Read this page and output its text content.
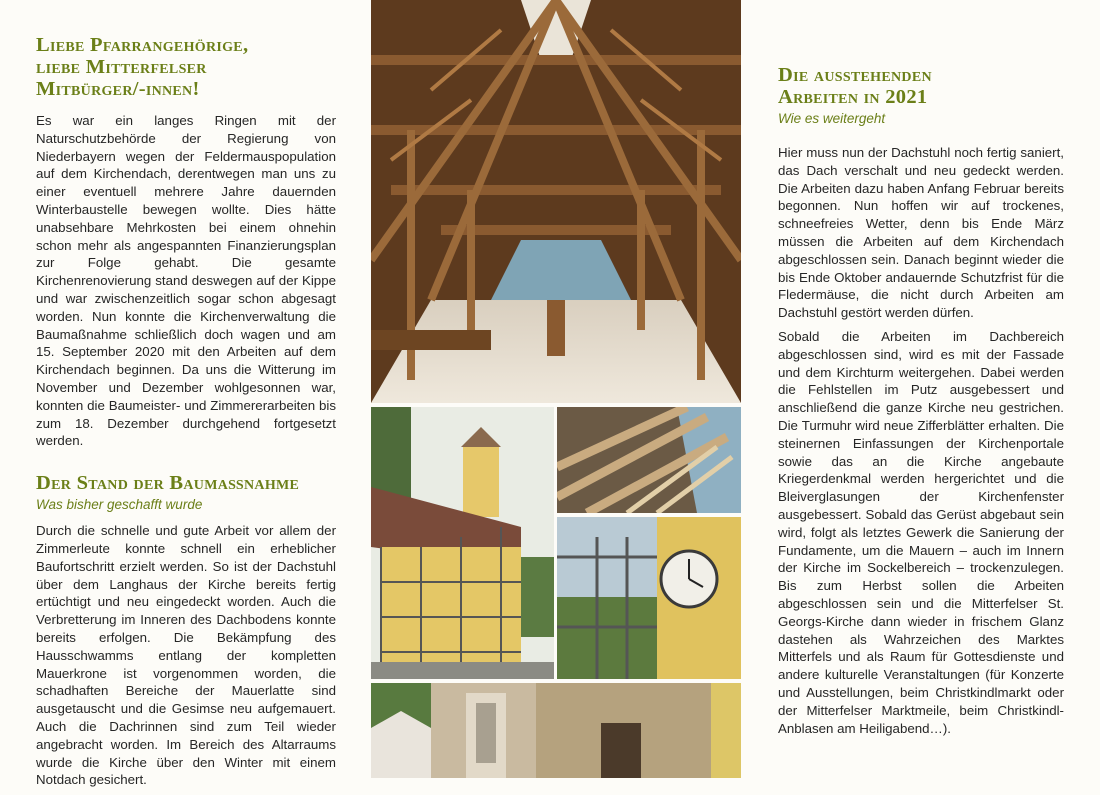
Liebe Pfarrangehörige,
liebe Mitterfelser
Mitbürger/-innen!

Es war ein langes Ringen mit der Naturschutzbehörde der Regierung von Niederbayern wegen der Feldermauspopulation auf dem Kirchendach, derentwegen man uns zu einer eventuell mehrere Jahre dauernden Winterbaustelle bewegen wollte. Dies hätte unabsehbare Mehrkosten bei einem ohnehin schon mehr als angespannten Finanzierungsplan zur Folge gehabt. Die gesamte Kirchenrenovierung stand deswegen auf der Kippe und war zwischenzeitlich sogar schon abgesagt worden. Nun konnte die Kirchenverwaltung die Baumaßnahme schließlich doch wagen und am 15. September 2020 mit den Arbeiten auf dem Kirchendach beginnen. Da uns die Witterung im November und Dezember wohlgesonnen war, konnten die Baumeister- und Zimmererarbeiten bis zum 18. Dezember durchgehend fortgesetzt werden.

Der Stand der Baumaßnahme
Was bisher geschafft wurde

Durch die schnelle und gute Arbeit vor allem der Zimmerleute konnte schnell ein erheblicher Baufortschritt erzielt werden. So ist der Dachstuhl über dem Langhaus der Kirche bereits fertig ertüchtigt und neu eingedeckt worden. Auch die Verbretterung im Inneren des Dachbodens konnte bereits erfolgen. Die Bekämpfung des Hausschwamms entlang der kompletten Mauerkrone ist vorgenommen worden, die schadhaften Bereiche der Mauerlatte sind ausgetauscht und die Gesimse neu aufgemauert. Auch die Dachrinnen sind zum Teil wieder angebracht worden. Im Bereich des Altarraums wurde die Kirche über den Winter mit einem Notdach gesichert.

Die ausstehenden
Arbeiten in 2021
Wie es weitergeht

Hier muss nun der Dachstuhl noch fertig saniert, das Dach verschalt und neu gedeckt werden. Die Arbeiten dazu haben Anfang Februar bereits begonnen. Nun hoffen wir auf trockenes, schneefreies Wetter, denn bis Ende März müssen die Arbeiten auf dem Kirchendach abgeschlossen sein. Danach beginnt wieder die bis Ende Oktober andauernde Schutzfrist für die Fledermäuse, die nicht durch Arbeiten am Dachstuhl gestört werden dürfen.

Sobald die Arbeiten im Dachbereich abgeschlossen sind, wird es mit der Fassade und dem Kirchturm weitergehen. Dabei werden die Fehlstellen im Putz ausgebessert und anschließend die ganze Kirche neu gestrichen. Die Turmuhr wird neue Zifferblätter erhalten. Die steinernen Einfassungen der Kirchenportale sowie das an die Kirche angebaute Kriegerdenkmal werden hergerichtet und die Bleiverglasungen der Kirchenfenster ausgebessert. Sobald das Gerüst abgebaut sein wird, folgt als letztes Gewerk die Sanierung der Fundamente, um die Mauern – auch im Innern der Kirche im Sockelbereich – trockenzulegen. Bis zum Herbst sollen die Arbeiten abgeschlossen sein und die Mitterfelser St. Georgs-Kirche dann wieder in frischem Glanz dastehen als Wahrzeichen des Marktes Mitterfels und als Raum für Gottesdienste und andere kulturelle Veranstaltungen (für Konzerte und Ausstellungen, beim Christkindlmarkt oder der Mitterfelser Marktmeile, beim Christkindl-Anblasen am Heiligabend…).
